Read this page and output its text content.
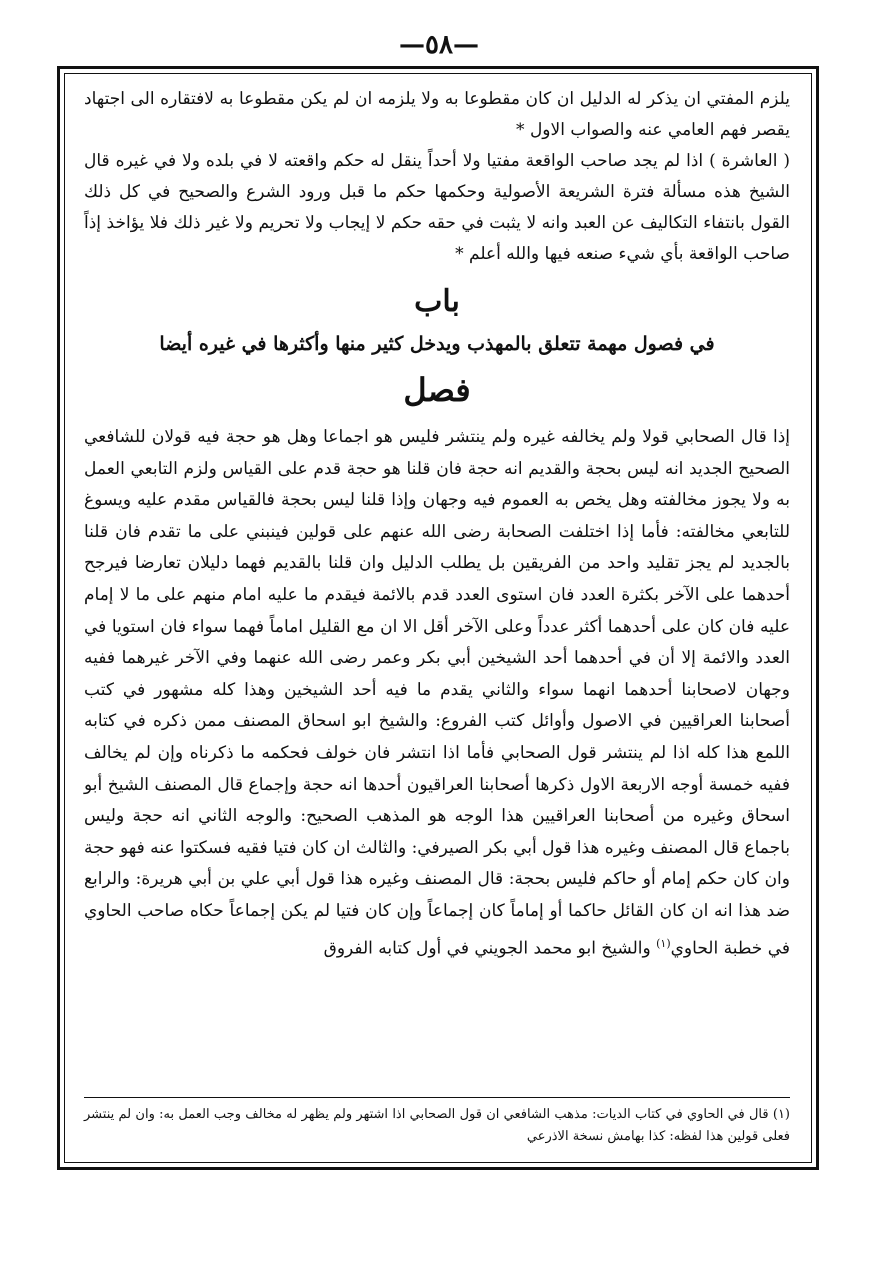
—٥٨—

يلزم المفتي ان يذكر له الدليل ان كان مقطوعا به ولا يلزمه ان لم يكن مقطوعا به لافتقاره الى اجتهاد يقصر فهم العامي عنه والصواب الاول *

( العاشرة ) اذا لم يجد صاحب الواقعة مفتيا ولا أحداً ينقل له حكم واقعته لا في بلده ولا في غيره قال الشيخ هذه مسألة فترة الشريعة الأصولية وحكمها حكم ما قبل ورود الشرع والصحيح في كل ذلك القول بانتفاء التكاليف عن العبد وانه لا يثبت في حقه حكم لا إيجاب ولا تحريم ولا غير ذلك فلا يؤاخذ إذاً صاحب الواقعة بأي شيء صنعه فيها والله أعلم *

باب
في فصول مهمة تتعلق بالمهذب ويدخل كثير منها وأكثرها في غيره أيضا
فصل

إذا قال الصحابي قولا ولم يخالفه غيره ولم ينتشر فليس هو اجماعا وهل هو حجة فيه قولان للشافعي الصحيح الجديد انه ليس بحجة والقديم انه حجة فان قلنا هو حجة قدم على القياس ولزم التابعي العمل به ولا يجوز مخالفته وهل يخص به العموم فيه وجهان وإذا قلنا ليس بحجة فالقياس مقدم عليه ويسوغ للتابعي مخالفته: فأما إذا اختلفت الصحابة رضى الله عنهم على قولين فينبني على ما تقدم فان قلنا بالجديد لم يجز تقليد واحد من الفريقين بل يطلب الدليل وان قلنا بالقديم فهما دليلان تعارضا فيرجح أحدهما على الآخر بكثرة العدد فان استوى العدد قدم بالائمة فيقدم ما عليه امام منهم على ما لا إمام عليه فان كان على أحدهما أكثر عدداً وعلى الآخر أقل الا ان مع القليل اماماً فهما سواء فان استويا في العدد والائمة إلا أن في أحدهما أحد الشيخين أبي بكر وعمر رضى الله عنهما وفي الآخر غيرهما ففيه وجهان لاصحابنا أحدهما انهما سواء والثاني يقدم ما فيه أحد الشيخين وهذا كله مشهور في كتب أصحابنا العراقيين في الاصول وأوائل كتب الفروع: والشيخ ابو اسحاق المصنف ممن ذكره في كتابه اللمع هذا كله اذا لم ينتشر قول الصحابي فأما اذا انتشر فان خولف فحكمه ما ذكرناه وإن لم يخالف ففيه خمسة أوجه الاربعة الاول ذكرها أصحابنا العراقيون أحدها انه حجة وإجماع قال المصنف الشيخ أبو اسحاق وغيره من أصحابنا العراقيين هذا الوجه هو المذهب الصحيح: والوجه الثاني انه حجة وليس باجماع قال المصنف وغيره هذا قول أبي بكر الصيرفي: والثالث ان كان فتيا فقيه فسكتوا عنه فهو حجة وان كان حكم إمام أو حاكم فليس بحجة: قال المصنف وغيره هذا قول أبي علي بن أبي هريرة: والرابع ضد هذا انه ان كان القائل حاكما أو إماماً كان إجماعاً وإن كان فتيا لم يكن إجماعاً حكاه صاحب الحاوي في خطبة الحاوي$^{(١)}$ والشيخ ابو محمد الجويني في أول كتابه الفروق

(١) قال في الحاوي في كتاب الديات: مذهب الشافعي ان قول الصحابي اذا اشتهر ولم يظهر له مخالف وجب العمل به: وان لم ينتشر فعلى قولين هذا لفظه: كذا بهامش نسخة الاذرعي
